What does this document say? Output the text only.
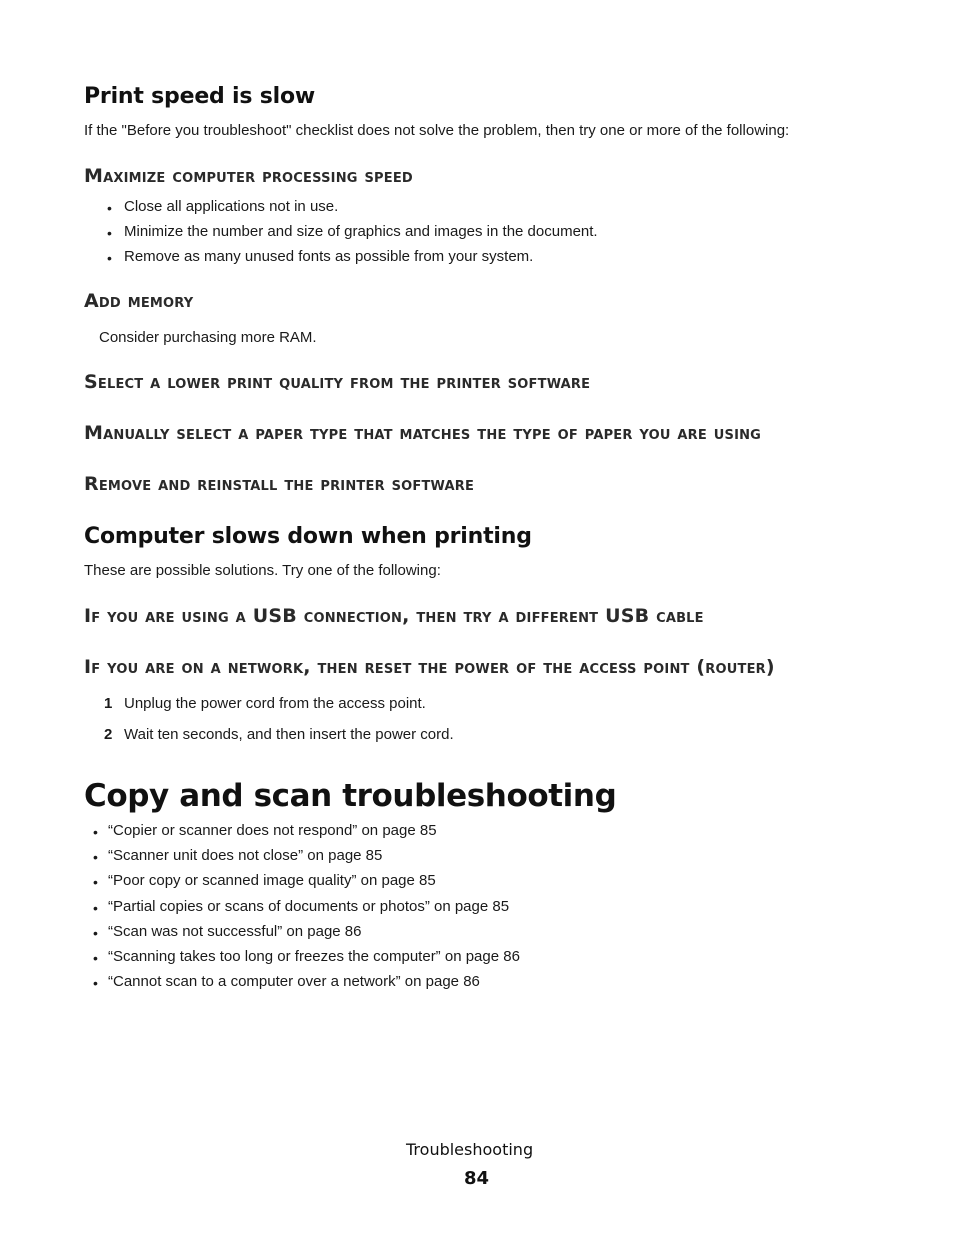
Print speed is slow
If the "Before you troubleshoot" checklist does not solve the problem, then try one or more of the following:
Maximize computer processing speed
• Close all applications not in use.
• Minimize the number and size of graphics and images in the document.
• Remove as many unused fonts as possible from your system.
Add memory
Consider purchasing more RAM.
Select a lower print quality from the printer software
Manually select a paper type that matches the type of paper you are using
Remove and reinstall the printer software
Computer slows down when printing
These are possible solutions. Try one of the following:
If you are using a USB connection, then try a different USB cable
If you are on a network, then reset the power of the access point (router)
1 Unplug the power cord from the access point.
2 Wait ten seconds, and then insert the power cord.
Copy and scan troubleshooting
• “Copier or scanner does not respond” on page 85
• “Scanner unit does not close” on page 85
• “Poor copy or scanned image quality” on page 85
• “Partial copies or scans of documents or photos” on page 85
• “Scan was not successful” on page 86
• “Scanning takes too long or freezes the computer” on page 86
• “Cannot scan to a computer over a network” on page 86
Troubleshooting
84
